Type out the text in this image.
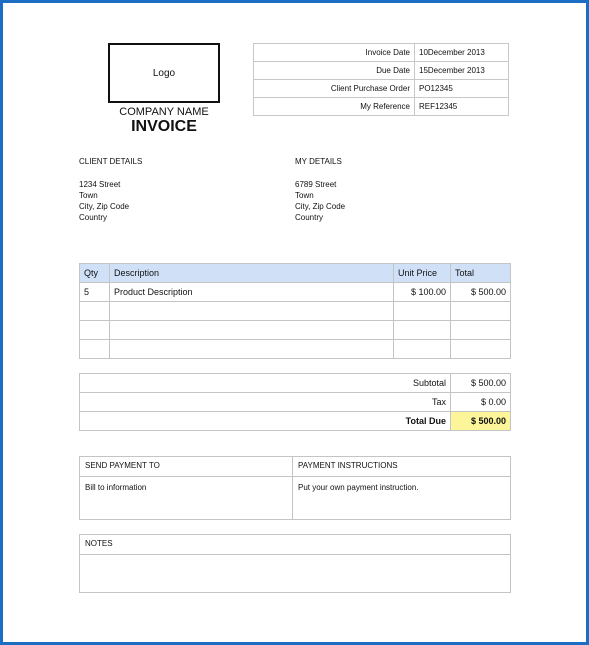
Logo
COMPANY NAME
INVOICE
Invoice Date	10December 2013
Due Date	15December 2013
Client Purchase Order	PO12345
My Reference	REF12345
CLIENT DETAILS
1234 Street
Town
City, Zip Code
Country
MY DETAILS
6789 Street
Town
City, Zip Code
Country
Qty	Description	Unit Price	Total
5	Product Description	$ 100.00	$ 500.00

Subtotal	$ 500.00
Tax	$ 0.00
Total Due	$ 500.00
SEND PAYMENT TO
Bill to information
PAYMENT INSTRUCTIONS
Put your own payment instruction.
NOTES
